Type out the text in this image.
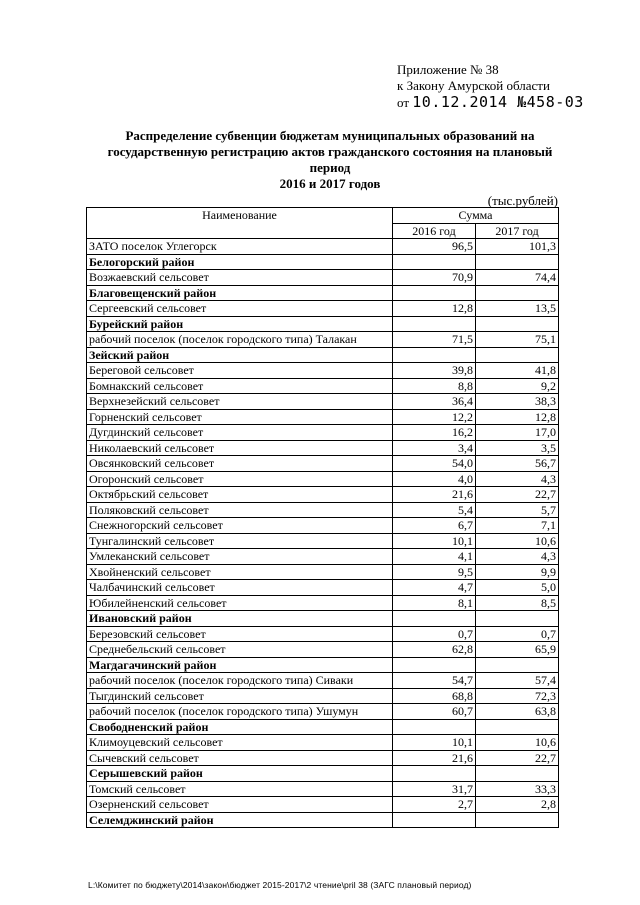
Приложение № 38
к Закону Амурской области
от 10.12.2014 №458-03
Распределение субвенции бюджетам муниципальных образований на
государственную регистрацию актов гражданского состояния на плановый период
2016 и 2017 годов
(тыс.рублей)
Наименование	Сумма	
	2016 год	2017 год
ЗАТО поселок Углегорск	96,5	101,3
Белогорский район		
Возжаевский сельсовет	70,9	74,4
Благовещенский район		
Сергеевский сельсовет	12,8	13,5
Бурейский район		
рабочий поселок (поселок городского типа) Талакан	71,5	75,1
Зейский район		
Береговой сельсовет	39,8	41,8
Бомнакский сельсовет	8,8	9,2
Верхнезейский сельсовет	36,4	38,3
Горненский сельсовет	12,2	12,8
Дугдинский сельсовет	16,2	17,0
Николаевский сельсовет	3,4	3,5
Овсянковский сельсовет	54,0	56,7
Огоронский сельсовет	4,0	4,3
Октябрьский сельсовет	21,6	22,7
Поляковский сельсовет	5,4	5,7
Снежногорский сельсовет	6,7	7,1
Тунгалинский сельсовет	10,1	10,6
Умлеканский сельсовет	4,1	4,3
Хвойненский сельсовет	9,5	9,9
Чалбачинский сельсовет	4,7	5,0
Юбилейненский сельсовет	8,1	8,5
Ивановский район		
Березовский сельсовет	0,7	0,7
Среднебельский сельсовет	62,8	65,9
Магдагачинский район		
рабочий поселок (поселок городского типа) Сиваки	54,7	57,4
Тыгдинский сельсовет	68,8	72,3
рабочий поселок (поселок городского типа) Ушумун	60,7	63,8
Свободненский район		
Климоуцевский сельсовет	10,1	10,6
Сычевский сельсовет	21,6	22,7
Серышевский район		
Томский сельсовет	31,7	33,3
Озерненский сельсовет	2,7	2,8
Селемджинский район		
L:\Комитет по бюджету\2014\закон\бюджет 2015-2017\2 чтение\pril 38 (ЗАГС плановый период)
